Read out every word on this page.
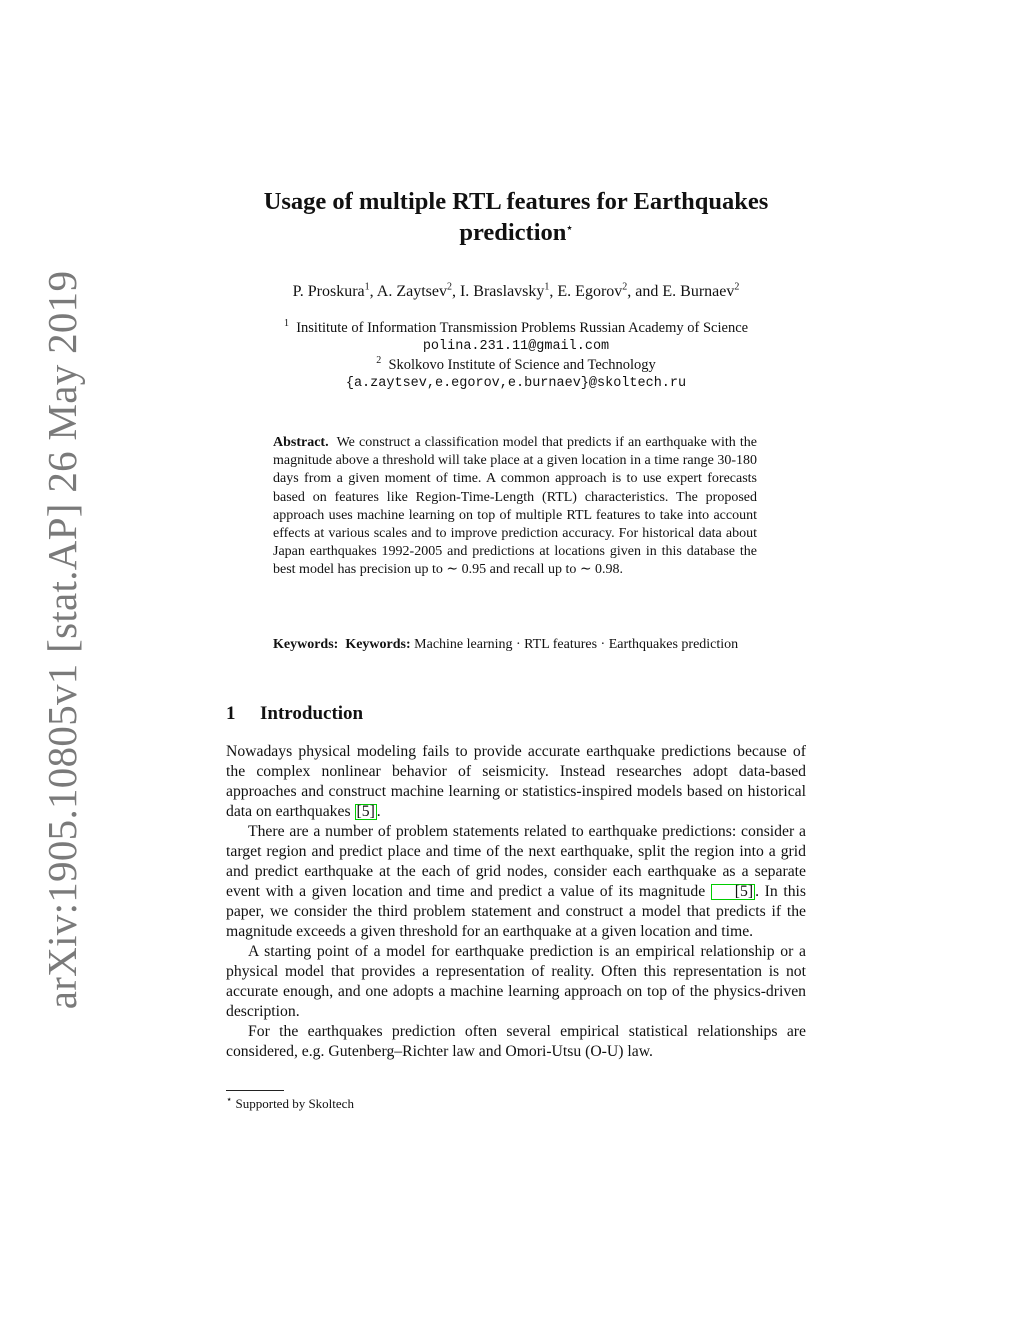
arXiv:1905.10805v1 [stat.AP] 26 May 2019
Usage of multiple RTL features for Earthquakes
prediction⋆
P. Proskura$^1$, A. Zaytsev$^2$, I. Braslavsky$^1$, E. Egorov$^2$, and E. Burnaev$^2$
$^1$ Insititute of Information Transmission Problems Russian Academy of Science
polina.231.11@gmail.com
$^2$ Skolkovo Institute of Science and Technology
{a.zaytsev,e.egorov,e.burnaev}@skoltech.ru
Abstract. We construct a classification model that predicts if an earthquake with the magnitude above a threshold will take place at a given location in a time range 30-180 days from a given moment of time. A common approach is to use expert forecasts based on features like Region-Time-Length (RTL) characteristics. The proposed approach uses machine learning on top of multiple RTL features to take into account effects at various scales and to improve prediction accuracy. For historical data about Japan earthquakes 1992-2005 and predictions at locations given in this database the best model has precision up to ∼ 0.95 and recall up to ∼ 0.98.
Keywords: Keywords: Machine learning · RTL features · Earthquakes prediction
1 Introduction

Nowadays physical modeling fails to provide accurate earthquake predictions because of the complex nonlinear behavior of seismicity. Instead researches adopt data-based approaches and construct machine learning or statistics-inspired models based on historical data on earthquakes [5] .

There are a number of problem statements related to earthquake predictions: consider a target region and predict place and time of the next earthquake, split the region into a grid and predict earthquake at the each of grid nodes, consider each earthquake as a separate event with a given location and time and predict a value of its magnitude [5] . In this paper, we consider the third problem statement and construct a model that predicts if the magnitude exceeds a given threshold for an earthquake at a given location and time.

A starting point of a model for earthquake prediction is an empirical relationship or a physical model that provides a representation of reality. Often this representation is not accurate enough, and one adopts a machine learning approach on top of the physics-driven description.

For the earthquakes prediction often several empirical statistical relationships are considered, e.g. Gutenberg–Richter law and Omori-Utsu (O-U) law.

⋆ Supported by Skoltech
